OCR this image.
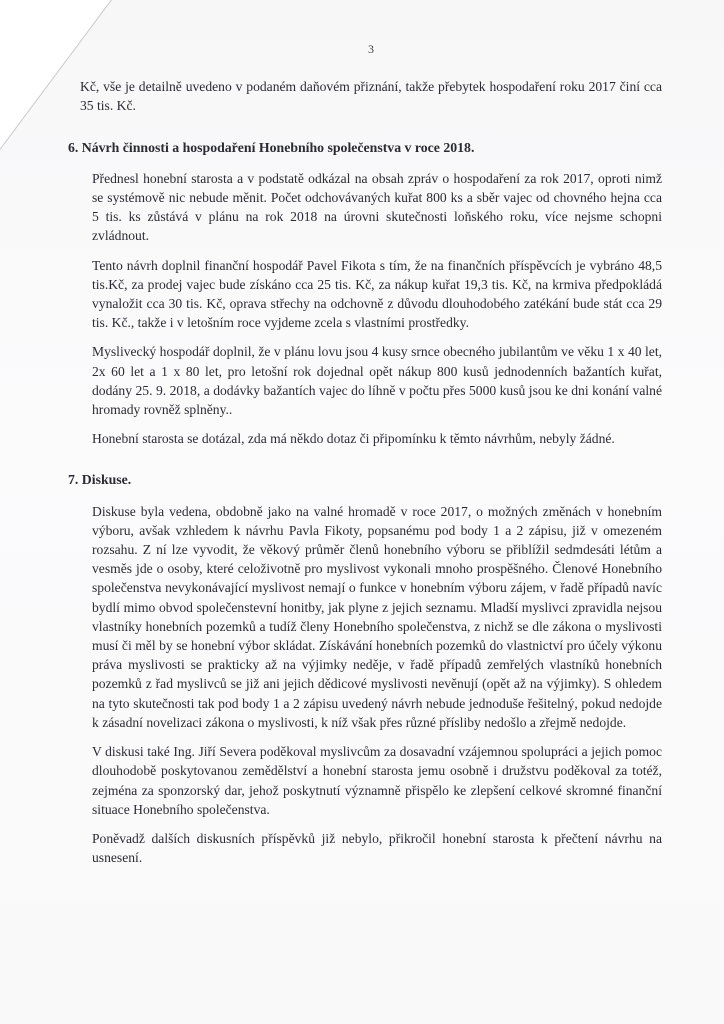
3

Kč, vše je detailně uvedeno v podaném daňovém přiznání, takže přebytek hospodaření roku 2017 činí cca 35 tis. Kč.

6. Návrh činnosti a hospodaření Honebního společenstva v roce 2018.

Přednesl honební starosta a v podstatě odkázal na obsah zpráv o hospodaření za rok 2017, oproti nimž se systémově nic nebude měnit. Počet odchovávaných kuřat 800 ks a sběr vajec od chovného hejna cca 5 tis. ks zůstává v plánu na rok 2018 na úrovni skutečnosti loňského roku, více nejsme schopni zvládnout.

Tento návrh doplnil finanční hospodář Pavel Fikota s tím, že na finančních příspěvcích je vybráno 48,5 tis.Kč, za prodej vajec bude získáno cca 25 tis. Kč, za nákup kuřat 19,3 tis. Kč, na krmiva předpokládá vynaložit cca 30 tis. Kč, oprava střechy na odchovně z důvodu dlouhodobého zatékání bude stát cca 29 tis. Kč., takže i v letošním roce vyjdeme zcela s vlastními prostředky.

Myslivecký hospodář doplnil, že v plánu lovu jsou 4 kusy srnce obecného jubilantům ve věku 1 x 40 let, 2x 60 let a 1 x 80 let, pro letošní rok dojednal opět nákup 800 kusů jednodenních bažantích kuřat, dodány 25. 9. 2018, a dodávky bažantích vajec do líhně v počtu přes 5000 kusů jsou ke dni konání valné hromady rovněž splněny..

Honební starosta se dotázal, zda má někdo dotaz či připomínku k těmto návrhům, nebyly žádné.

7. Diskuse.

Diskuse byla vedena, obdobně jako na valné hromadě v roce 2017, o možných změnách v honebním výboru, avšak vzhledem k návrhu Pavla Fikoty, popsanému pod body 1 a 2 zápisu, již v omezeném rozsahu. Z ní lze vyvodit, že věkový průměr členů honebního výboru se přiblížil sedmdesáti létům a vesměs jde o osoby, které celoživotně pro myslivost vykonali mnoho prospěšného. Členové Honebního společenstva nevykonávající myslivost nemají o funkce v honebním výboru zájem, v řadě případů navíc bydlí mimo obvod společenstevní honitby, jak plyne z jejich seznamu. Mladší myslivci zpravidla nejsou vlastníky honebních pozemků a tudíž členy Honebního společenstva, z nichž se dle zákona o myslivosti musí či měl by se honební výbor skládat. Získávání honebních pozemků do vlastnictví pro účely výkonu práva myslivosti se prakticky až na výjimky neděje, v řadě případů zemřelých vlastníků honebních pozemků z řad myslivců se již ani jejich dědicové myslivosti nevěnují (opět až na výjimky). S ohledem na tyto skutečnosti tak pod body 1 a 2 zápisu uvedený návrh nebude jednoduše řešitelný, pokud nedojde k zásadní novelizaci zákona o myslivosti, k níž však přes různé přísliby nedošlo a zřejmě nedojde.

V diskusi také Ing. Jiří Severa poděkoval myslivcům za dosavadní vzájemnou spolupráci a jejich pomoc dlouhodobě poskytovanou zemědělství a honební starosta jemu osobně i družstvu poděkoval za totéž, zejména za sponzorský dar, jehož poskytnutí významně přispělo ke zlepšení celkové skromné finanční situace Honebního společenstva.

Poněvadž dalších diskusních příspěvků již nebylo, přikročil honební starosta k přečtení návrhu na usnesení.
